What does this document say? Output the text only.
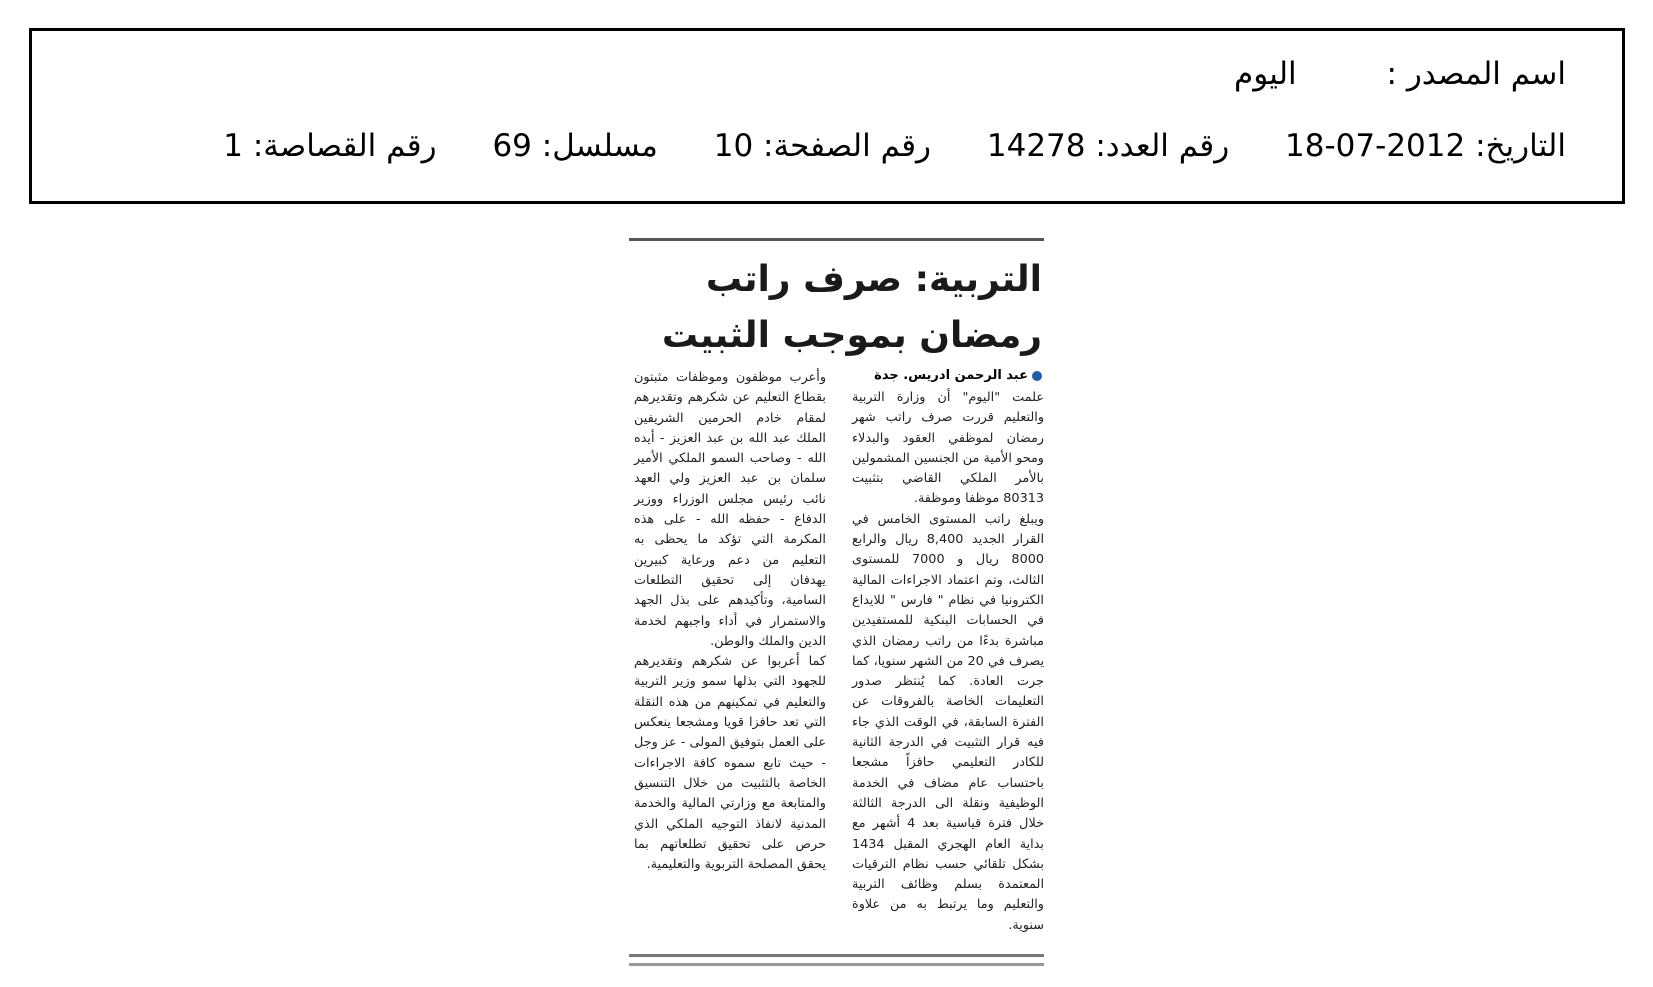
اسم المصدر : اليوم
التاريخ: 2012-07-18 رقم العدد: 14278 رقم الصفحة: 10 مسلسل: 69 رقم القصاصة: 1
التربية: صرف راتب رمضان بموجب الثبيت
عبد الرحمن ادريس. جدة

علمت "اليوم" أن وزارة التربية والتعليم قررت صرف راتب شهر رمضان لموظفي العقود والبدلاء ومحو الأمية من الجنسين المشمولين بالأمر الملكي القاضي بتثبيت 80313 موظفا وموظفة.

ويبلغ راتب المستوى الخامس في القرار الجديد 8,400 ريال والرابع 8000 ريال و 7000 للمستوى الثالث، وتم اعتماد الاجراءات المالية الكترونيا في نظام " فارس " للايداع في الحسابات البنكية للمستفيدين مباشرة بدءًا من راتب رمضان الذي يصرف في 20 من الشهر سنويا، كما جرت العادة. كما يُنتظر صدور التعليمات الخاصة بالفروقات عن الفترة السابقة، في الوقت الذي جاء فيه قرار التثبيت في الدرجة الثانية للكادر التعليمي حافزاً مشجعا باحتساب عام مضاف في الخدمة الوظيفية ونقلة الى الدرجة الثالثة خلال فترة قياسية بعد 4 أشهر مع بداية العام الهجري المقبل 1434 بشكل تلقائي حسب نظام الترقيات المعتمدة بسلم وظائف التربية والتعليم وما يرتبط به من علاوة سنوية.

وأعرب موظفون وموظفات مثبتون بقطاع التعليم عن شكرهم وتقديرهم لمقام خادم الحرمين الشريفين الملك عبد الله بن عبد العزيز - أيده الله - وصاحب السمو الملكي الأمير سلمان بن عبد العزيز ولي العهد نائب رئيس مجلس الوزراء ووزير الدفاع - حفظه الله - على هذه المكرمة التي تؤكد ما يحظى به التعليم من دعم ورعاية كبيرين يهدفان إلى تحقيق التطلعات السامية، وتأكيدهم على بذل الجهد والاستمرار في أداء واجبهم لخدمة الدين والملك والوطن.

كما أعربوا عن شكرهم وتقديرهم للجهود التي بذلها سمو وزير التربية والتعليم في تمكينهم من هذه النقلة التي تعد حافزا قويا ومشجعا ينعكس على العمل بتوفيق المولى - عز وجل - حيث تابع سموه كافة الاجراءات الخاصة بالتثبيت من خلال التنسيق والمتابعة مع وزارتي المالية والخدمة المدنية لانفاذ التوجيه الملكي الذي حرص على تحقيق تطلعاتهم بما يحقق المصلحة التربوية والتعليمية.
